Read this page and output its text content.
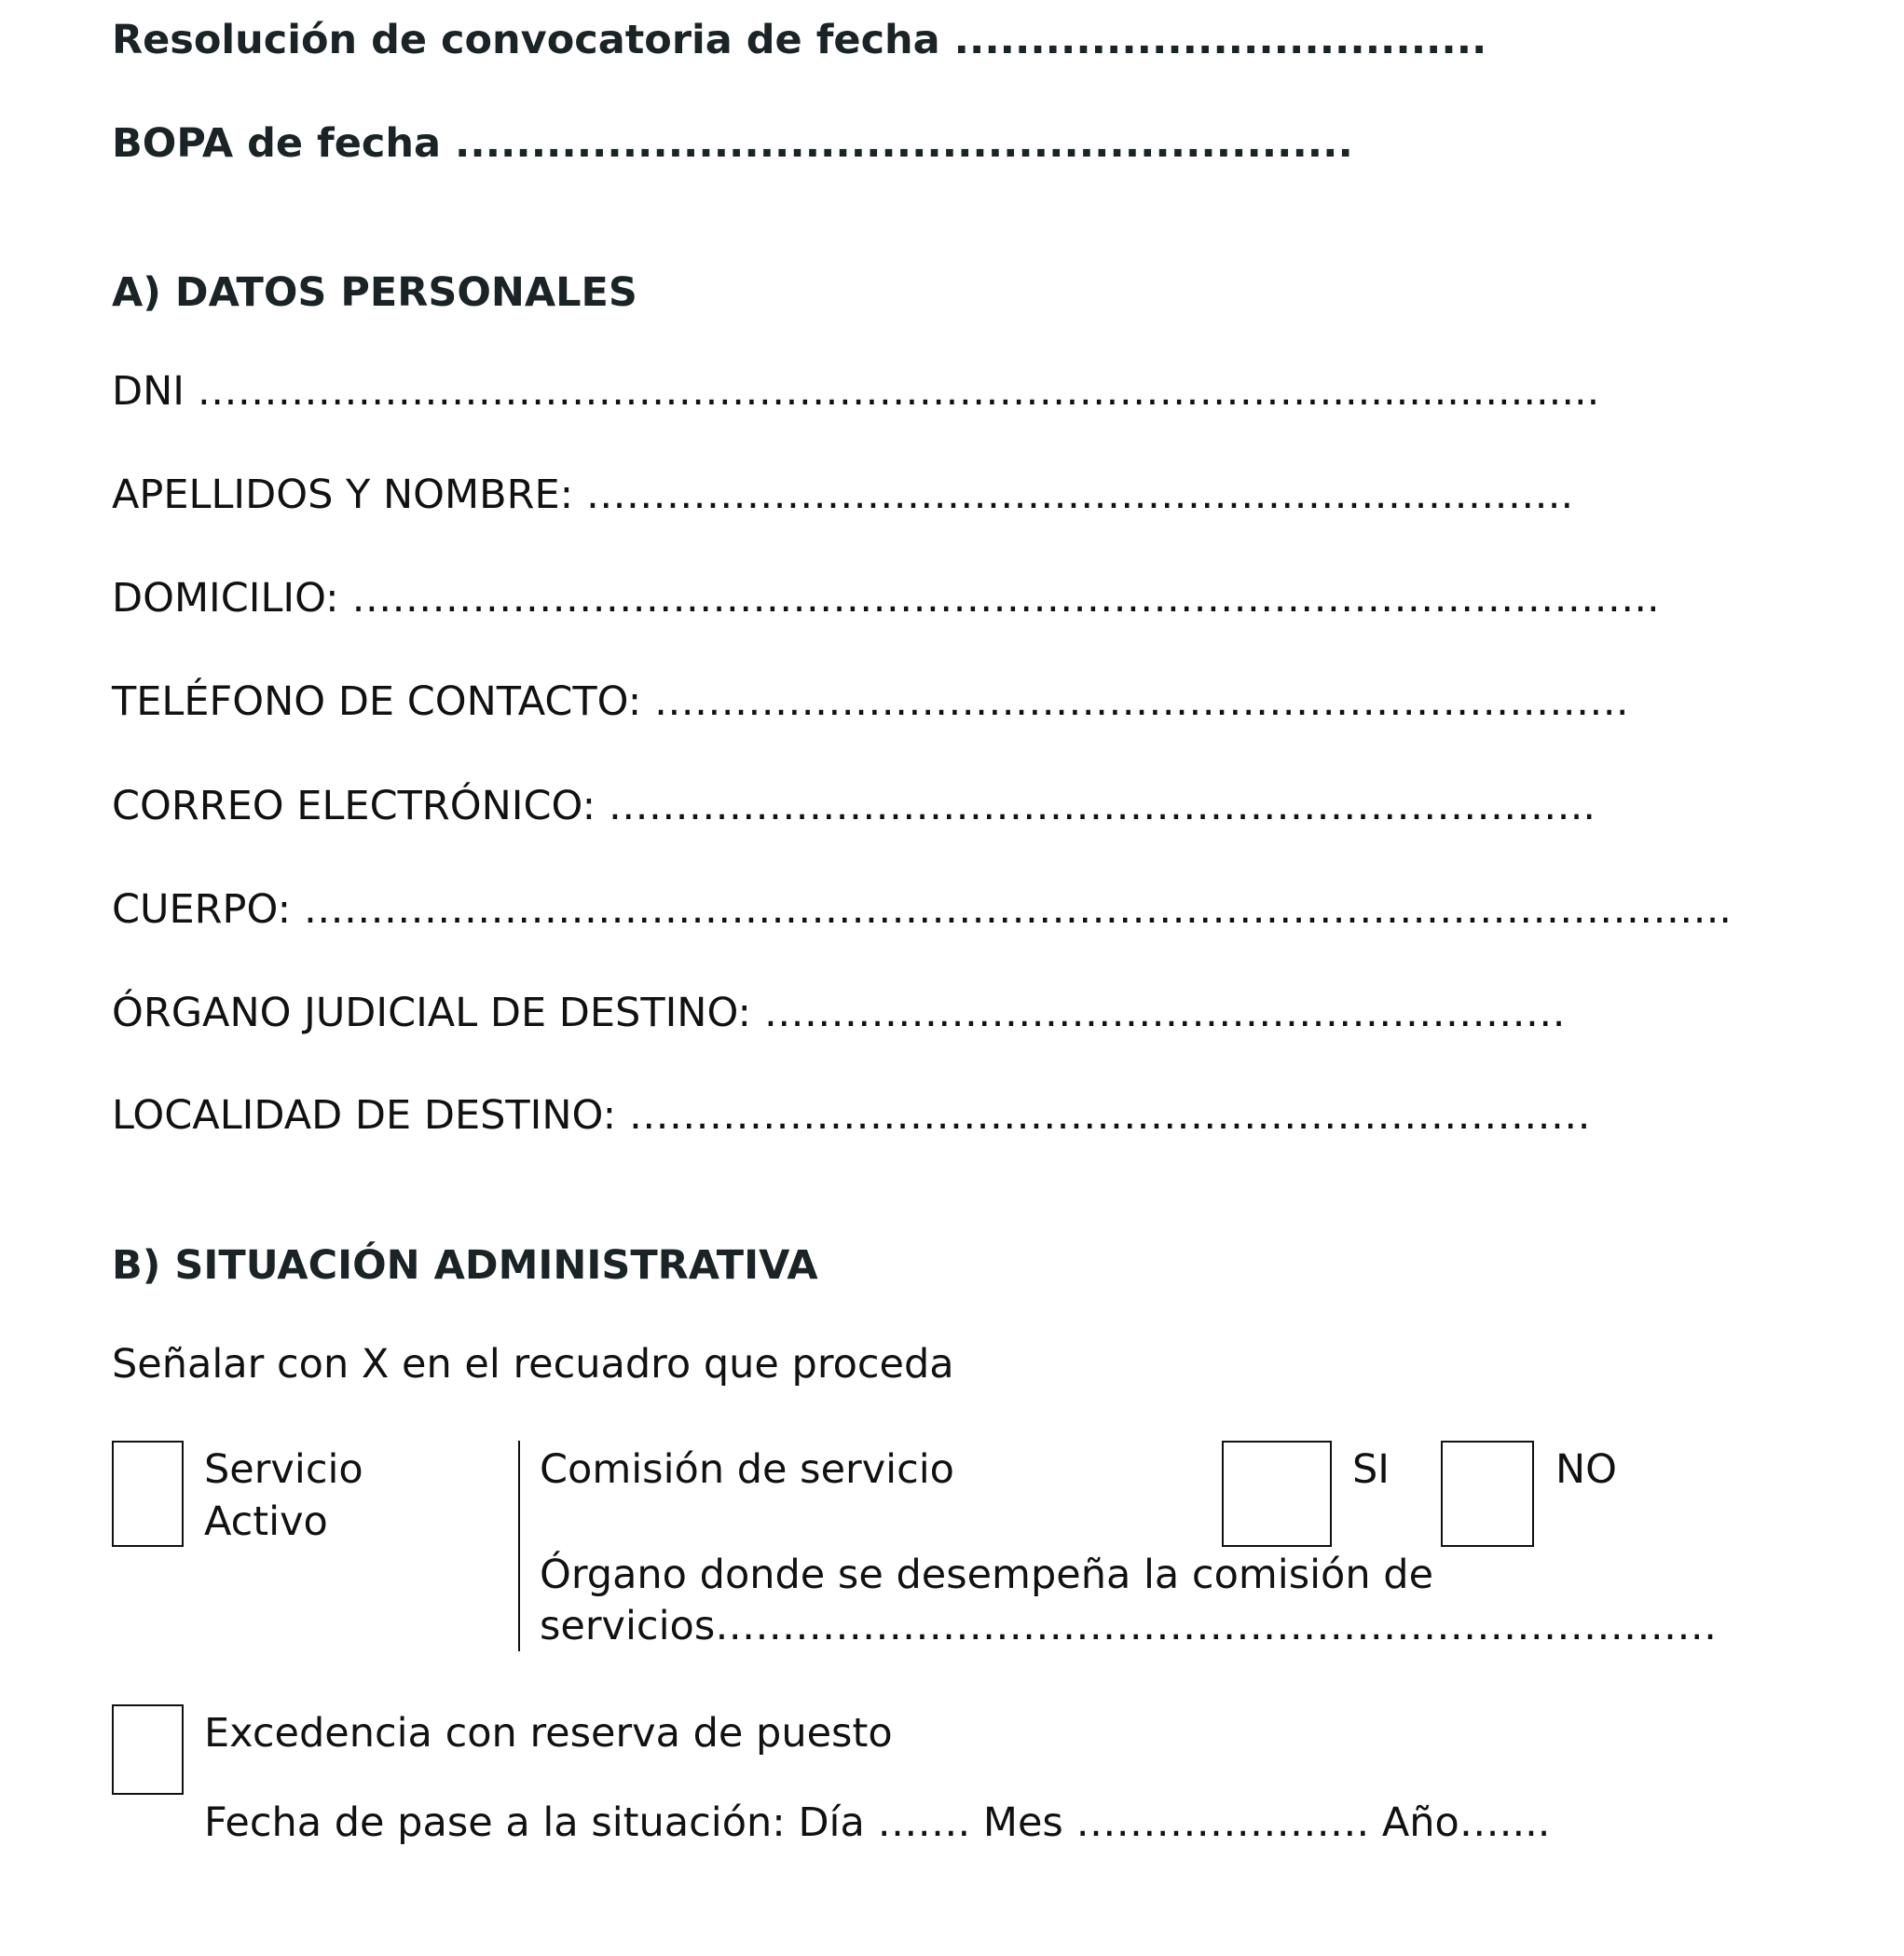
Resolución de convocatoria de fecha ...................................
BOPA de fecha ...........................................................
A) DATOS PERSONALES
DNI …………………………………………………………………………......................
APELLIDOS Y NOMBRE: ………………………………………………………………..
DOMICILIO: ……………………………………………………………………………………..
TELÉFONO DE CONTACTO: ……………………………………………………………….
CORREO ELECTRÓNICO: ………………………………………………………………..
CUERPO: ……………………………………………………………………………………………..
ÓRGANO JUDICIAL DE DESTINO: ……………………………………………………
LOCALIDAD DE DESTINO: ………………………………………………………………
B) SITUACIÓN ADMINISTRATIVA
Señalar con X en el recuadro que proceda
Servicio
Activo
Comisión de servicio	SI	NO
Órgano donde se desempeña la comisión de
servicios…………………………………………………………………
Excedencia con reserva de puesto
Fecha de pase a la situación: Día ……. Mes …………………. Año…....
